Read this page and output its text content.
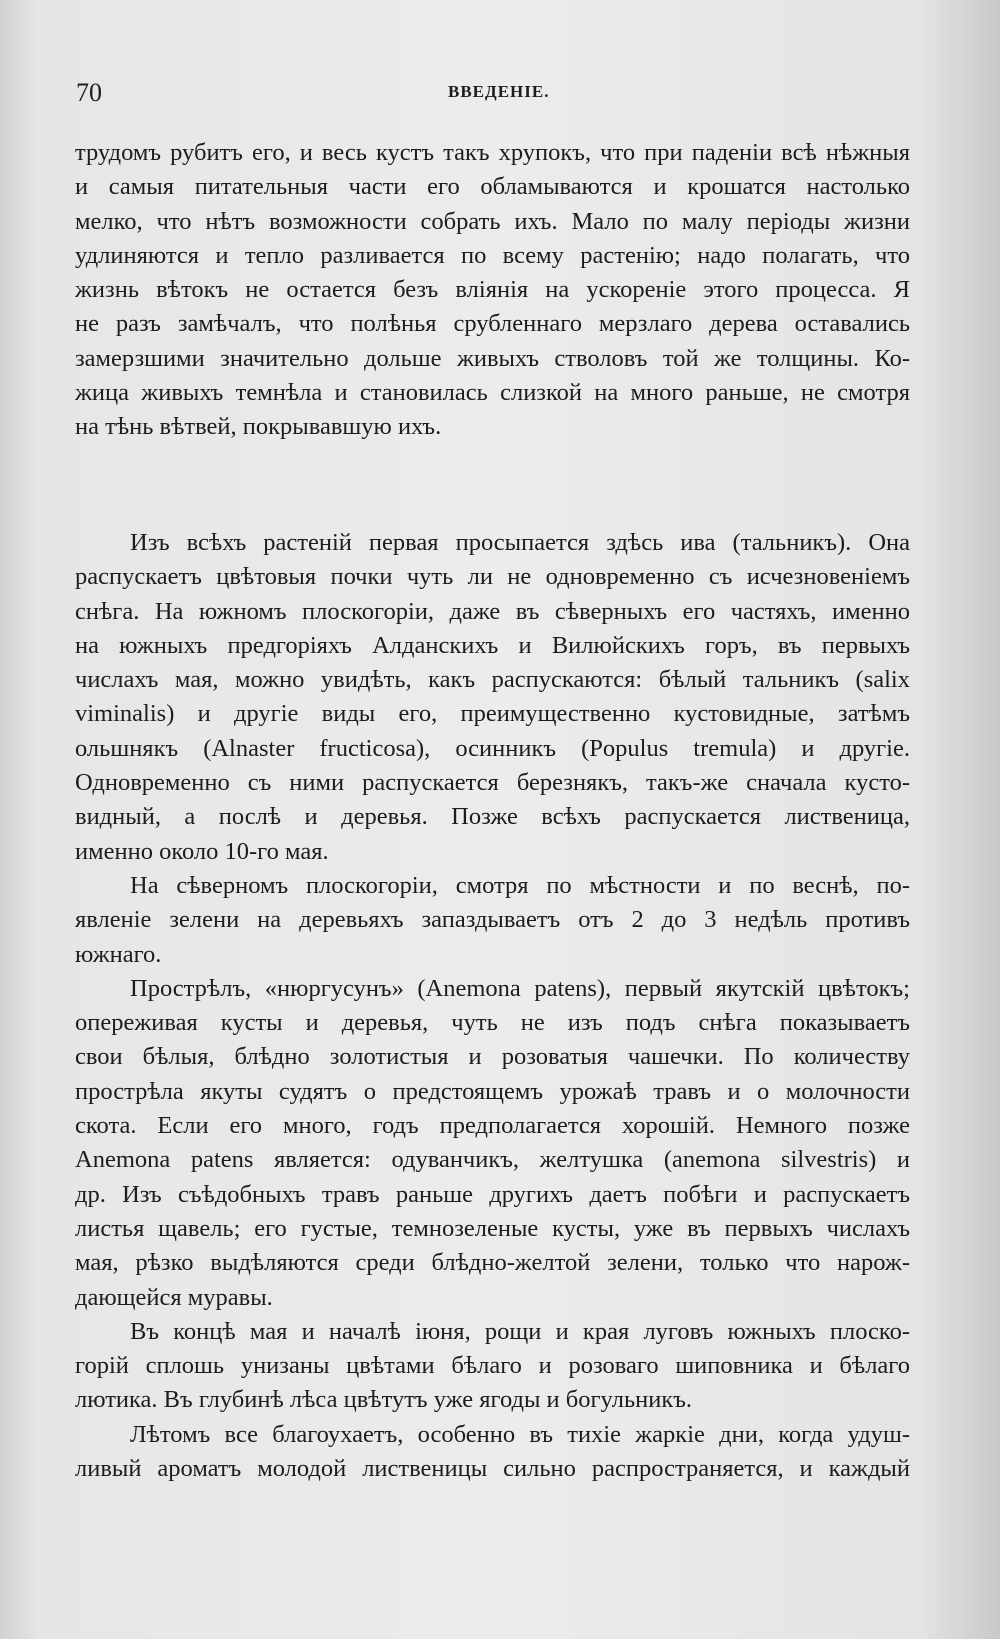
70	ВВЕДЕНІЕ.
трудомъ рубитъ его, и весь кустъ такъ хрупокъ, что при паденіи всѣ нѣжныя
и самыя питательныя части его обламываются и крошатся настолько
мелко, что нѣтъ возможности собрать ихъ. Мало по малу періоды жизни
удлиняются и тепло разливается по всему растенію; надо полагать, что
жизнь вѣтокъ не остается безъ вліянія на ускореніе этого процесса. Я
не разъ замѣчалъ, что полѣнья срубленнаго мерзлаго дерева оставались
замерзшими значительно дольше живыхъ стволовъ той же толщины. Ко-
жица живыхъ темнѣла и становилась слизкой на много раньше, не смотря
на тѣнь вѣтвей, покрывавшую ихъ.
Изъ всѣхъ растеній первая просыпается здѣсь ива (тальникъ). Она
распускаетъ цвѣтовыя почки чуть ли не одновременно съ исчезновеніемъ
снѣга. На южномъ плоскогоріи, даже въ сѣверныхъ его частяхъ, именно
на южныхъ предгоріяхъ Алданскихъ и Вилюйскихъ горъ, въ первыхъ
числахъ мая, можно увидѣть, какъ распускаются: бѣлый тальникъ (salix
viminalis) и другіе виды его, преимущественно кустовидные, затѣмъ
ольшнякъ (Alnaster fructicosa), осинникъ (Populus tremula) и другіе.
Одновременно съ ними распускается березнякъ, такъ-же сначала кусто-
видный, а послѣ и деревья. Позже всѣхъ распускается лиственица,
именно около 10-го мая.
На сѣверномъ плоскогоріи, смотря по мѣстности и по веснѣ, по-
явленіе зелени на деревьяхъ запаздываетъ отъ 2 до 3 недѣль противъ
южнаго.
Прострѣлъ, «нюргусунъ» (Anemona patens), первый якутскій цвѣтокъ;
опереживая кусты и деревья, чуть не изъ подъ снѣга показываетъ
свои бѣлыя, блѣдно золотистыя и розоватыя чашечки. По количеству
прострѣла якуты судятъ о предстоящемъ урожаѣ травъ и о молочности
скота. Если его много, годъ предполагается хорошій. Немного позже
Anemona patens является: одуванчикъ, желтушка (anemona silvestris) и
др. Изъ съѣдобныхъ травъ раньше другихъ даетъ побѣги и распускаетъ
листья щавель; его густые, темнозеленые кусты, уже въ первыхъ числахъ
мая, рѣзко выдѣляются среди блѣдно-желтой зелени, только что нарож-
дающейся муравы.
Въ концѣ мая и началѣ іюня, рощи и края луговъ южныхъ плоско-
горій сплошь унизаны цвѣтами бѣлаго и розоваго шиповника и бѣлаго
лютика. Въ глубинѣ лѣса цвѣтутъ уже ягоды и богульникъ.
Лѣтомъ все благоухаетъ, особенно въ тихіе жаркіе дни, когда удуш-
ливый ароматъ молодой лиственицы сильно распространяется, и каждый
